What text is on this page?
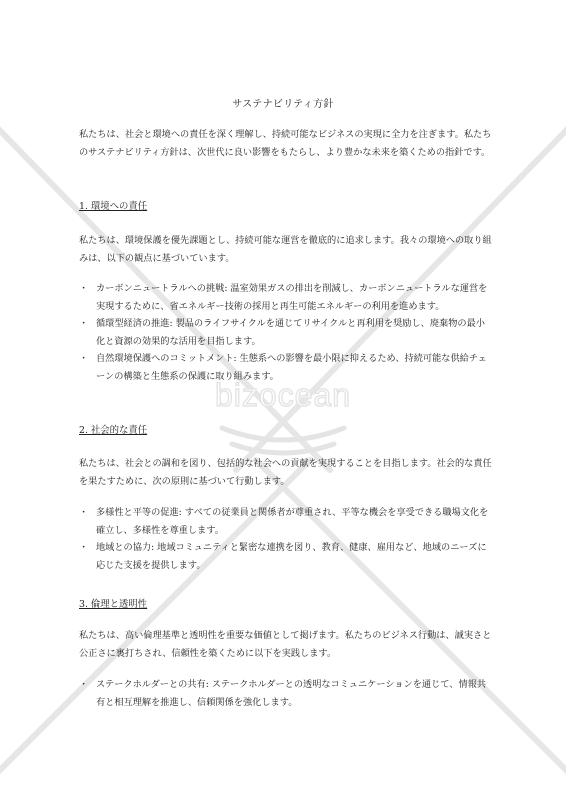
bizocean
サステナビリティ方針

私たちは、社会と環境への責任を深く理解し、持続可能なビジネスの実現に全力を注ぎます。私たちのサステナビリティ方針は、次世代に良い影響をもたらし、より豊かな未来を築くための指針です。

1. 環境への責任

私たちは、環境保護を優先課題とし、持続可能な運営を徹底的に追求します。我々の環境への取り組みは、以下の観点に基づいています。

・ カーボンニュートラルへの挑戦: 温室効果ガスの排出を削減し、カーボンニュートラルな運営を実現するために、省エネルギー技術の採用と再生可能エネルギーの利用を進めます。
・ 循環型経済の推進: 製品のライフサイクルを通じてリサイクルと再利用を奨励し、廃棄物の最小化と資源の効果的な活用を目指します。
・ 自然環境保護へのコミットメント: 生態系への影響を最小限に抑えるため、持続可能な供給チェーンの構築と生態系の保護に取り組みます。

2. 社会的な責任

私たちは、社会との調和を図り、包括的な社会への貢献を実現することを目指します。社会的な責任を果たすために、次の原則に基づいて行動します。

・ 多様性と平等の促進: すべての従業員と関係者が尊重され、平等な機会を享受できる職場文化を確立し、多様性を尊重します。
・ 地域との協力: 地域コミュニティと緊密な連携を図り、教育、健康、雇用など、地域のニーズに応じた支援を提供します。

3. 倫理と透明性

私たちは、高い倫理基準と透明性を重要な価値として掲げます。私たちのビジネス行動は、誠実さと公正さに裏打ちされ、信頼性を築くために以下を実践します。

・ ステークホルダーとの共有: ステークホルダーとの透明なコミュニケーションを通じて、情報共有と相互理解を推進し、信頼関係を強化します。
